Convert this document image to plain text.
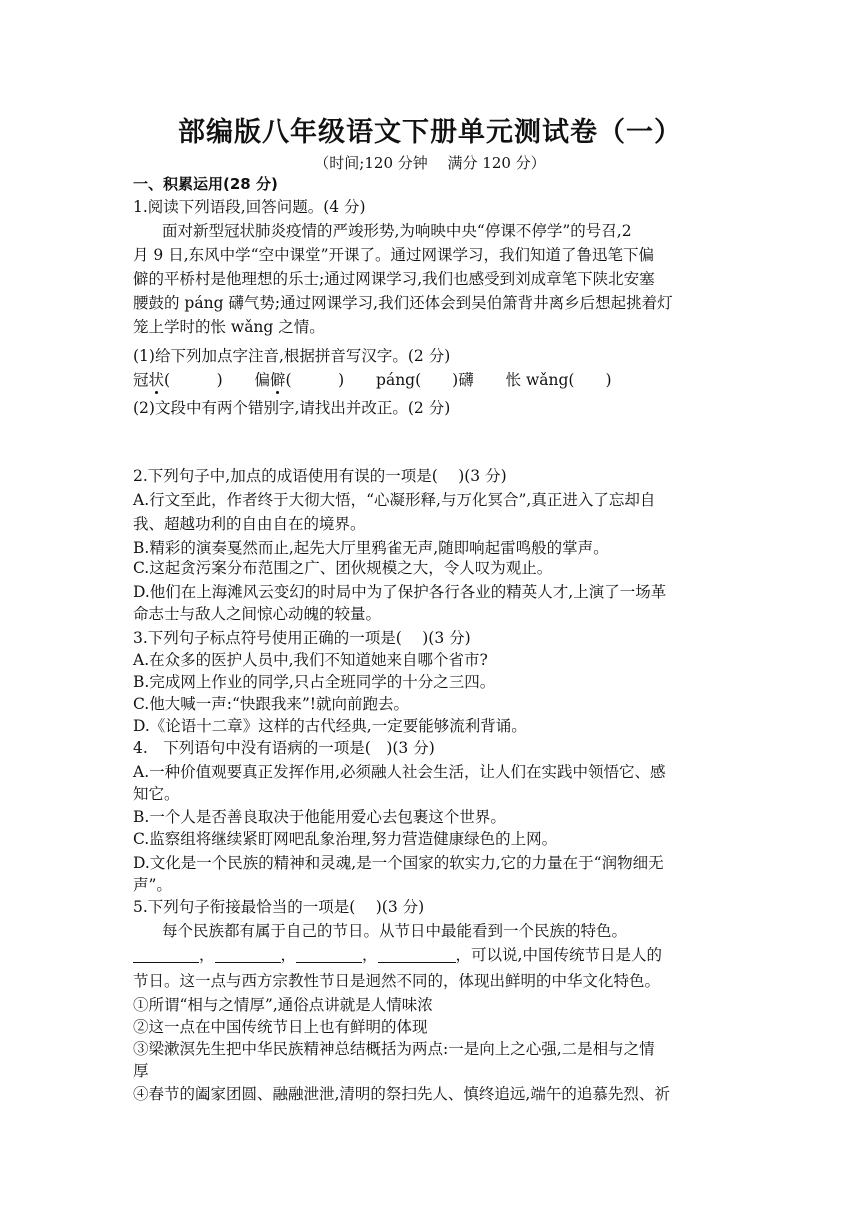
部编版八年级语文下册单元测试卷（一）
（时间;120 分钟　 满分 120 分）
一、积累运用(28 分)
1.阅读下列语段,回答问题。(4 分)
面对新型冠状肺炎疫情的严竣形势,为响映中央“停课不停学”的号召,2
月 9 日,东风中学“空中课堂”开课了。通过网课学习，我们知道了鲁迅笔下偏
僻的平桥村是他理想的乐士;通过网课学习,我们也感受到刘成章笔下陕北安塞
腰鼓的 páng 礴气势;通过网课学习,我们还体会到吴伯箫背井离乡后想起挑着灯
笼上学时的怅 wǎng 之情。
(1)给下列加点字注音,根据拼音写汉字。(2 分)
冠状(　　　) 偏僻(　　　) páng(　　)礴 怅 wǎng(　　)
(2)文段中有两个错别字,请找出并改正。(2 分)
2.下列句子中,加点的成语使用有误的一项是(　 )(3 分)
A.行文至此，作者终于大彻大悟，“心凝形释,与万化冥合”,真正进入了忘却自
我、超越功利的自由自在的境界。
B.精彩的演奏戛然而止,起先大厅里鸦雀无声,随即响起雷鸣般的掌声。
C.这起贪污案分布范围之广、团伙规模之大，令人叹为观止。
D.他们在上海滩风云变幻的时局中为了保护各行各业的精英人才,上演了一场革
命志士与敌人之间惊心动魄的较量。
3.下列句子标点符号使用正确的一项是(　 )(3 分)
A.在众多的医护人员中,我们不知道她来自哪个省市?
B.完成网上作业的同学,只占全班同学的十分之三四。
C.他大喊一声:“快跟我来”!就向前跑去。
D.《论语十二章》这样的古代经典,一定要能够流利背诵。
4.　下列语句中没有语病的一项是(　)(3 分)
A.一种价值观要真正发挥作用,必须融人社会生活，让人们在实践中领悟它、感
知它。
B.一个人是否善良取决于他能用爱心去包裹这个世界。
C.监察组将继续紧盯网吧乱象治理,努力营造健康绿色的上网。
D.文化是一个民族的精神和灵魂,是一个国家的软实力,它的力量在于“润物细无
声”。
5.下列句子衔接最恰当的一项是(　 )(3 分)
每个民族都有属于自己的节日。从节日中最能看到一个民族的特色。
，	，	，	，可以说,中国传统节日是人的
节日。这一点与西方宗教性节日是迥然不同的，体现出鲜明的中华文化特色。
①所谓“相与之情厚”,通俗点讲就是人情味浓
②这一点在中国传统节日上也有鲜明的体现
③梁漱溟先生把中华民族精神总结概括为两点:一是向上之心强,二是相与之情
厚
④春节的阖家团圆、融融泄泄,清明的祭扫先人、慎终追远,端午的追慕先烈、祈
